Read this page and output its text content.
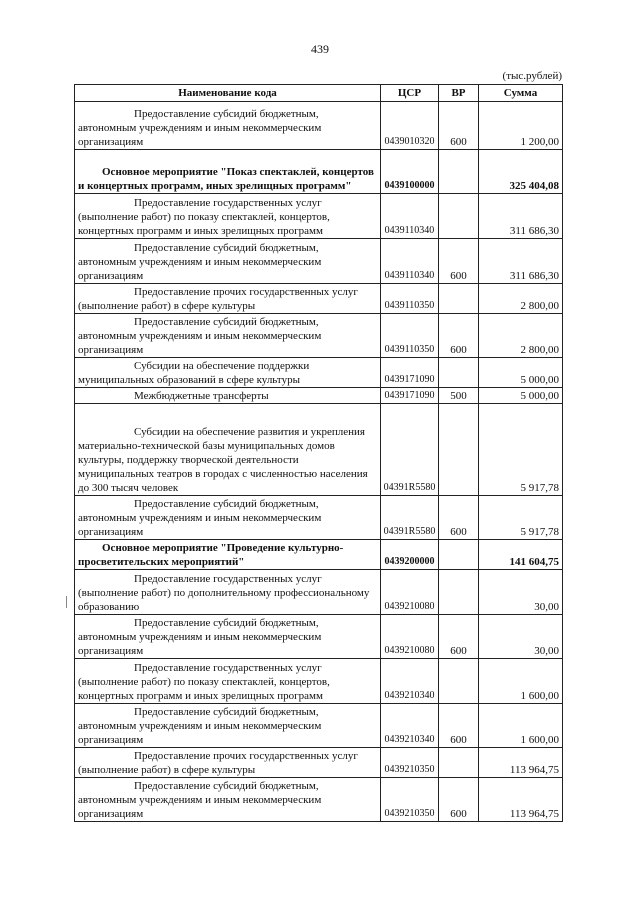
439
(тыс.рублей)
Наименование кода	ЦСР	ВР	Сумма
Предоставление субсидий бюджетным, автономным учреждениям и иным некоммерческим организациям	0439010320	600	1 200,00
Основное мероприятие "Показ спектаклей, концертов и концертных программ, иных зрелищных программ"	0439100000		325 404,08
Предоставление государственных услуг (выполнение работ) по показу спектаклей, концертов, концертных программ и иных зрелищных программ	0439110340		311 686,30
Предоставление субсидий бюджетным, автономным учреждениям и иным некоммерческим организациям	0439110340	600	311 686,30
Предоставление прочих государственных услуг (выполнение работ) в сфере культуры	0439110350		2 800,00
Предоставление субсидий бюджетным, автономным учреждениям и иным некоммерческим организациям	0439110350	600	2 800,00
Субсидии на обеспечение поддержки муниципальных образований в сфере культуры	0439171090		5 000,00
Межбюджетные трансферты	0439171090	500	5 000,00
Субсидии на обеспечение развития и укрепления материально-технической базы муниципальных домов культуры, поддержку творческой деятельности муниципальных театров в городах с численностью населения до 300 тысяч человек	04391R5580		5 917,78
Предоставление субсидий бюджетным, автономным учреждениям и иным некоммерческим организациям	04391R5580	600	5 917,78
Основное мероприятие "Проведение культурно-просветительских мероприятий"	0439200000		141 604,75
Предоставление государственных услуг (выполнение работ) по дополнительному профессиональному образованию	0439210080		30,00
Предоставление субсидий бюджетным, автономным учреждениям и иным некоммерческим организациям	0439210080	600	30,00
Предоставление государственных услуг (выполнение работ) по показу спектаклей, концертов, концертных программ и иных зрелищных программ	0439210340		1 600,00
Предоставление субсидий бюджетным, автономным учреждениям и иным некоммерческим организациям	0439210340	600	1 600,00
Предоставление прочих государственных услуг (выполнение работ) в сфере культуры	0439210350		113 964,75
Предоставление субсидий бюджетным, автономным учреждениям и иным некоммерческим организациям	0439210350	600	113 964,75
